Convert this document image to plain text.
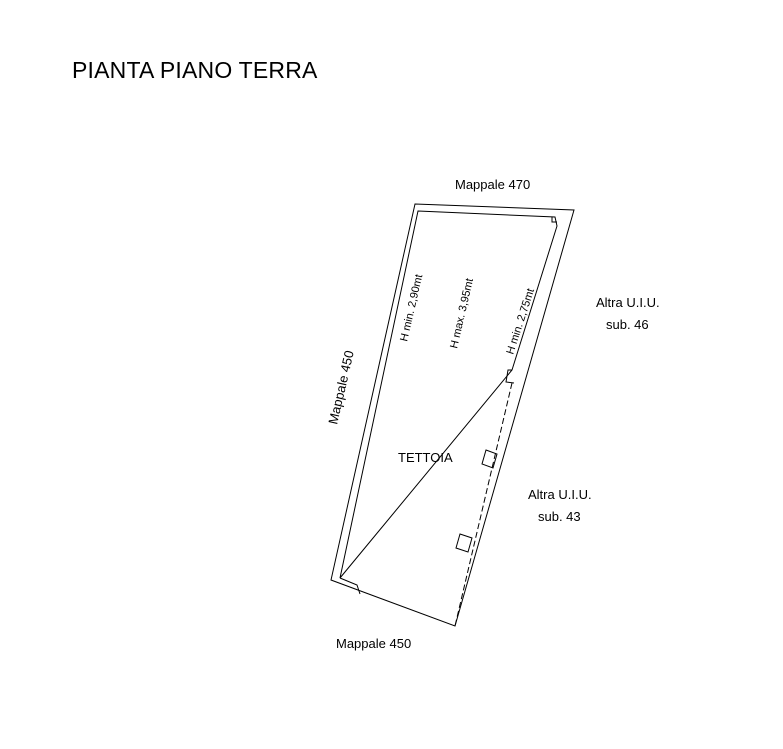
PIANTA PIANO TERRA
Mappale 470
Altra U.I.U.
sub. 46
Altra U.I.U.
sub. 43
TETTOIA
Mappale 450
Mappale 450
H min. 2,90mt H max. 3,95mt	H min. 2,75mt
